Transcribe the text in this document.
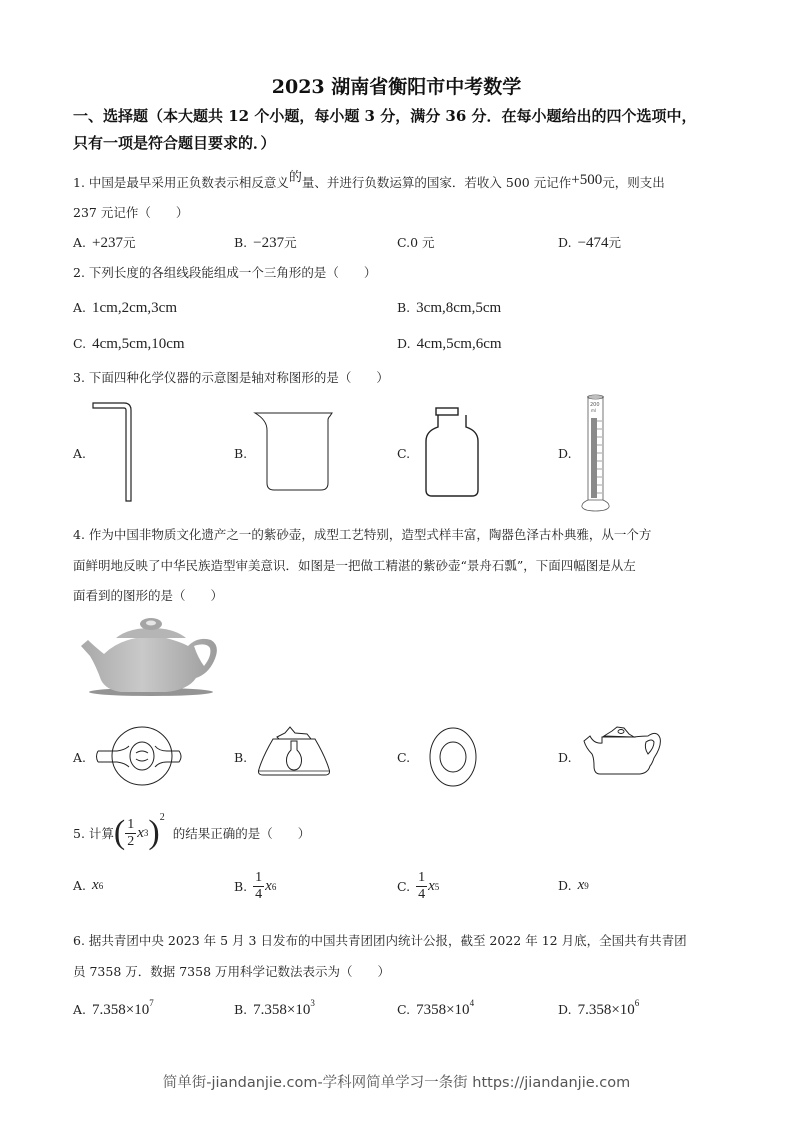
2023 湖南省衡阳市中考数学
一、选择题（本大题共 12 个小题，每小题 3 分，满分 36 分．在每小题给出的四个选项中，
只有一项是符合题目要求的．）
1. 中国是最早采用正负数表示相反意义$^的$量、并进行负数运算的国家．若收入 500 元记作+500元，则支出
237 元记作（　　）
A. +237元	B. −237元	C.0 元	D. −474元
2. 下列长度的各组线段能组成一个三角形的是（　　）
A. 1cm,2cm,3cm	B. 3cm,8cm,5cm
C. 4cm,5cm,10cm	D. 4cm,5cm,6cm
3. 下面四种化学仪器的示意图是轴对称图形的是（　　）
A.	B.	C.	D.
200
ml
4. 作为中国非物质文化遗产之一的紫砂壶，成型工艺特别，造型式样丰富，陶器色泽古朴典雅，从一个方
面鲜明地反映了中华民族造型审美意识．如图是一把做工精湛的紫砂壶“景舟石瓢”，下面四幅图是从左
面看到的图形的是（　　）
A.	B.	C.	D.
5. 计算 ( $\frac{1}{2}$ x 3 )$^2$
的结果正确的是（　　）
A. x 6	B. $\frac{1}{4}$ x 6	C. $\frac{1}{4}$ x 5	D. x 9
6. 据共青团中央 2023 年 5 月 3 日发布的中国共青团团内统计公报，截至 2022 年 12 月底，全国共有共青团
员 7358 万．数据 7358 万用科学记数法表示为（　　）
A. $7.358\times 10^7$	B. $7.358\times 10^3$	C. $7358\times 10^4$	D. $7.358\times 10^6$
简单街-jiandanjie.com-学科网简单学习一条街 https://jiandanjie.com
